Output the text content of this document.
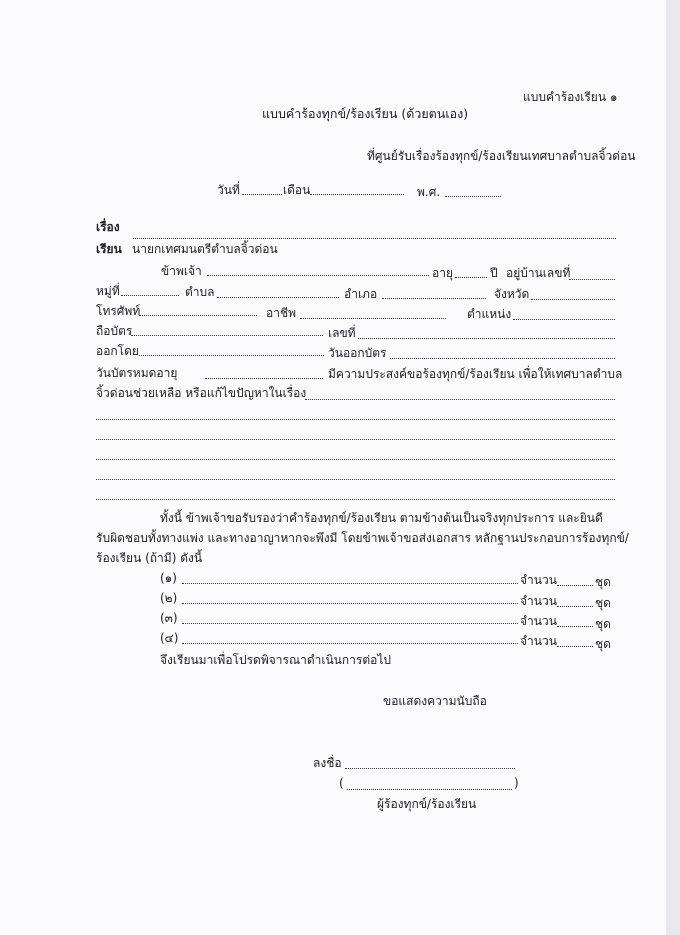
แบบคำร้องเรียน ๑
แบบคำร้องทุกข์/ร้องเรียน (ด้วยตนเอง)
ที่ศูนย์รับเรื่องร้องทุกข์/ร้องเรียนเทศบาลตำบลจิ้วด่อน
วันที่	เดือน	พ.ศ.
เรื่อง
เรียน นายกเทศมนตรีตำบลจิ้วด่อน
ข้าพเจ้า	อายุ	ปี อยู่บ้านเลขที่
หมู่ที่	ตำบล	อำเภอ	จังหวัด
โทรศัพท์	อาชีพ	ตำแหน่ง
ถือบัตร	เลขที่
ออกโดย	วันออกบัตร
วันบัตรหมดอายุ	มีความประสงค์ขอร้องทุกข์/ร้องเรียน เพื่อให้เทศบาลตำบล
จิ้วด่อนช่วยเหลือ หรือแก้ไขปัญหาในเรื่อง
ทั้งนี้ ข้าพเจ้าขอรับรองว่าคำร้องทุกข์/ร้องเรียน ตามข้างต้นเป็นจริงทุกประการ และยินดี
รับผิดชอบทั้งทางแพ่ง และทางอาญาหากจะพึงมี โดยข้าพเจ้าขอส่งเอกสาร หลักฐานประกอบการร้องทุกข์/
ร้องเรียน (ถ้ามี) ดังนี้
(๑)	จำนวน	ชุด
(๒)	จำนวน	ชุด
(๓)	จำนวน	ชุด
(๔)	จำนวน	ชุด
จึงเรียนมาเพื่อโปรดพิจารณาดำเนินการต่อไป
ขอแสดงความนับถือ
ลงชื่อ
(	)
ผู้ร้องทุกข์/ร้องเรียน
